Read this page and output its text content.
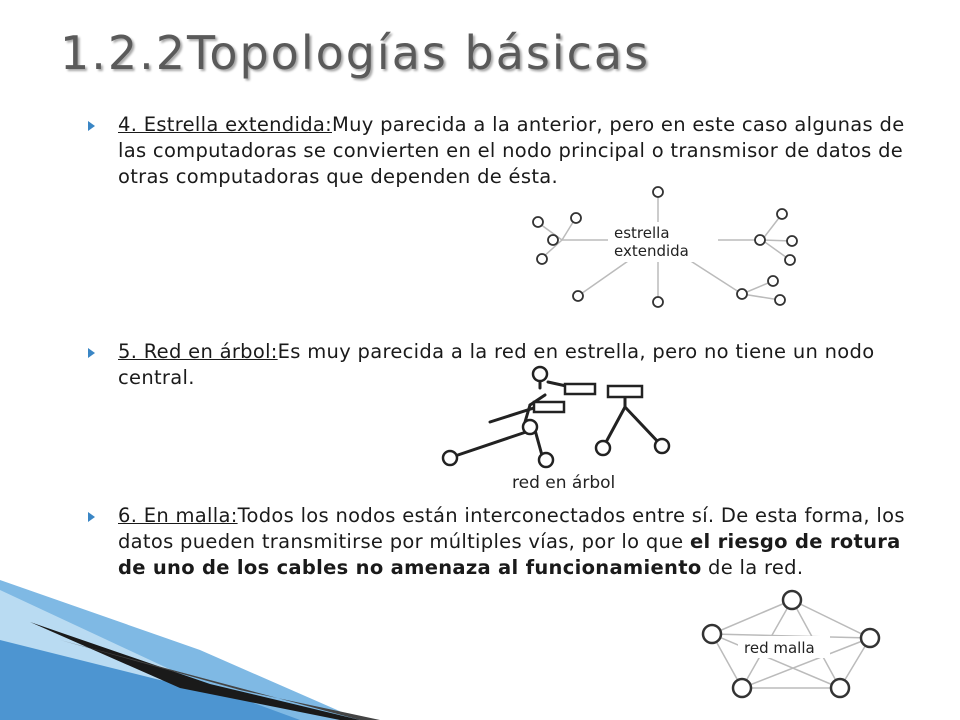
1.2.2Topologías básicas
4. Estrella extendida:Muy parecida a la anterior, pero en este caso algunas de las computadoras se convierten en el nodo principal o transmisor de datos de otras computadoras que dependen de ésta.
estrella
extendida
5. Red en árbol:Es muy parecida a la red en estrella, pero no tiene un nodo central.
red en árbol
6. En malla:Todos los nodos están interconectados entre sí. De esta forma, los datos pueden transmitirse por múltiples vías, por lo que el riesgo de rotura de uno de los cables no amenaza al funcionamiento de la red.
red malla
